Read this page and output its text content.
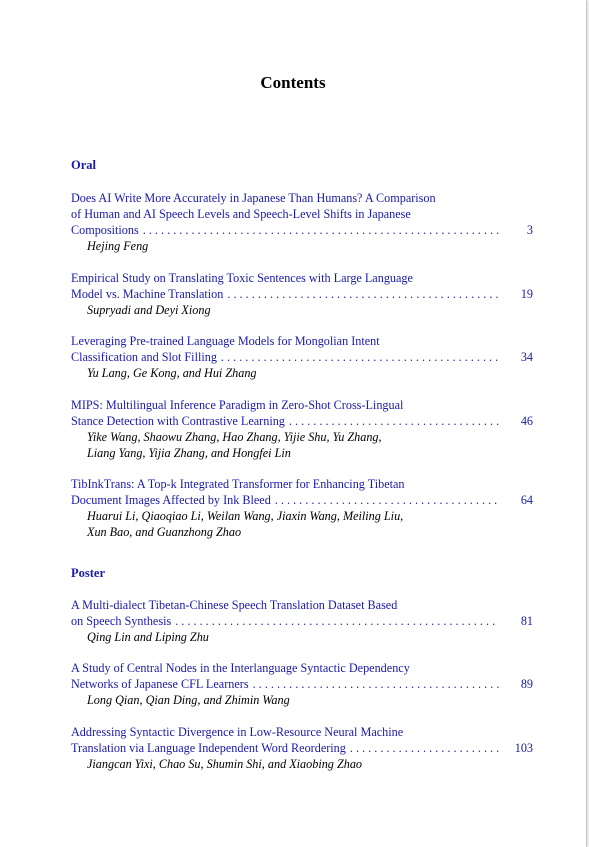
Contents
Oral
Does AI Write More Accurately in Japanese Than Humans? A Comparison
of Human and AI Speech Levels and Speech-Level Shifts in Japanese
Compositions . . .	3
Hejing Feng
Empirical Study on Translating Toxic Sentences with Large Language
Model vs. Machine Translation . . .	19
Supryadi and Deyi Xiong
Leveraging Pre-trained Language Models for Mongolian Intent
Classification and Slot Filling . . .	34
Yu Lang, Ge Kong, and Hui Zhang
MIPS: Multilingual Inference Paradigm in Zero-Shot Cross-Lingual
Stance Detection with Contrastive Learning . . .	46
Yike Wang, Shaowu Zhang, Hao Zhang, Yijie Shu, Yu Zhang,
Liang Yang, Yijia Zhang, and Hongfei Lin
TibInkTrans: A Top-k Integrated Transformer for Enhancing Tibetan
Document Images Affected by Ink Bleed . . .	64
Huarui Li, Qiaoqiao Li, Weilan Wang, Jiaxin Wang, Meiling Liu,
Xun Bao, and Guanzhong Zhao
Poster
A Multi-dialect Tibetan-Chinese Speech Translation Dataset Based
on Speech Synthesis . . .	81
Qing Lin and Liping Zhu
A Study of Central Nodes in the Interlanguage Syntactic Dependency
Networks of Japanese CFL Learners . . .	89
Long Qian, Qian Ding, and Zhimin Wang
Addressing Syntactic Divergence in Low-Resource Neural Machine
Translation via Language Independent Word Reordering . . .	103
Jiangcan Yixi, Chao Su, Shumin Shi, and Xiaobing Zhao
